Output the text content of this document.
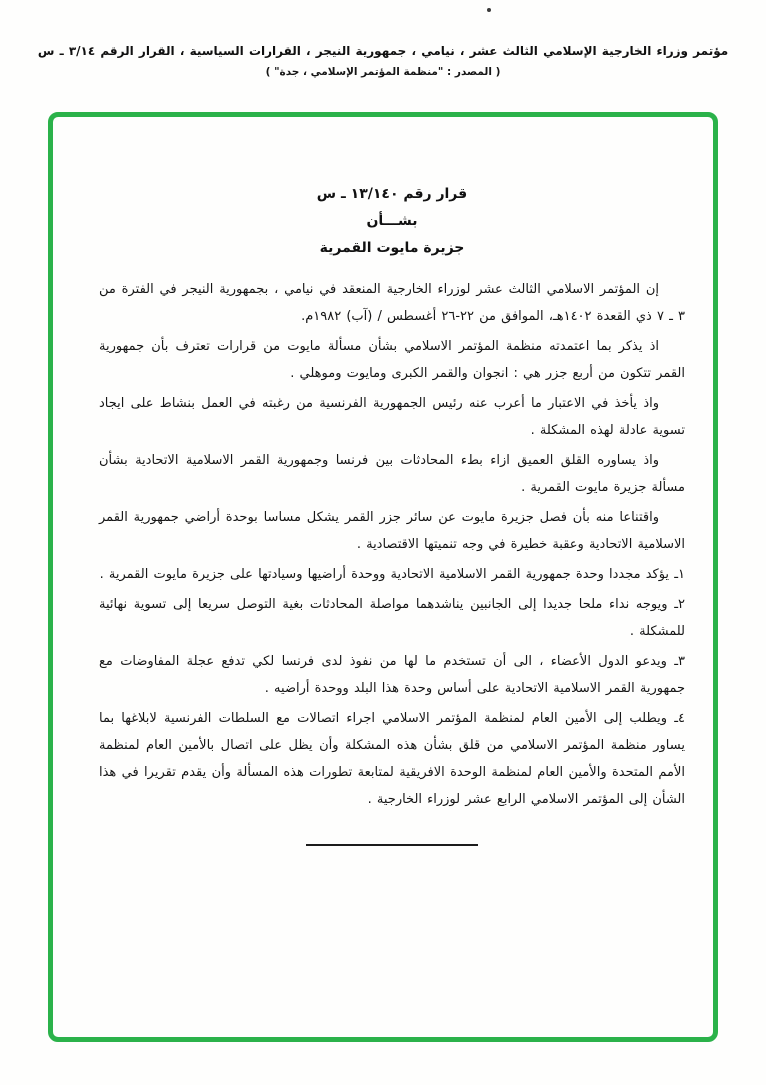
مؤتمر وزراء الخارجية الإسلامي الثالث عشر ، نيامي ، جمهورية النيجر ، القرارات السياسية ، القرار الرقم ٣/١٤ ـ س

( المصدر : "منظمة المؤتمر الإسلامي ، جدة" )

قرار رقم ١٣/١٤٠ ـ س
بشـــأن
جزيرة مايوت القمرية

إن المؤتمر الاسلامي الثالث عشر لوزراء الخارجية المنعقد في نيامي ، بجمهورية النيجر في الفترة من ٣ ـ ٧ ذي القعدة ١٤٠٢هـ، الموافق من ٢٢-٢٦ أغسطس / (آب) ١٩٨٢م.

اذ يذكر بما اعتمدته منظمة المؤتمر الاسلامي بشأن مسألة مايوت من قرارات تعترف بأن جمهورية القمر تتكون من أربع جزر هي : انجوان والقمر الكبرى ومايوت وموهلي .

واذ يأخذ في الاعتبار ما أعرب عنه رئيس الجمهورية الفرنسية من رغبته في العمل بنشاط على ايجاد تسوية عادلة لهذه المشكلة .

واذ يساوره القلق العميق ازاء بطء المحادثات بين فرنسا وجمهورية القمر الاسلامية الاتحادية بشأن مسألة جزيرة مايوت القمرية .

واقتناعا منه بأن فصل جزيرة مايوت عن سائر جزر القمر يشكل مساسا بوحدة أراضي جمهورية القمر الاسلامية الاتحادية وعقبة خطيرة في وجه تنميتها الاقتصادية .

١ـ يؤكد مجددا وحدة جمهورية القمر الاسلامية الاتحادية ووحدة أراضيها وسيادتها على جزيرة مايوت القمرية .

٢ـ ويوجه نداء ملحا جديدا إلى الجانبين يناشدهما مواصلة المحادثات بغية التوصل سريعا إلى تسوية نهائية للمشكلة .

٣ـ ويدعو الدول الأعضاء ، الى أن تستخدم ما لها من نفوذ لدى فرنسا لكي تدفع عجلة المفاوضات مع جمهورية القمر الاسلامية الاتحادية على أساس وحدة هذا البلد ووحدة أراضيه .

٤ـ ويطلب إلى الأمين العام لمنظمة المؤتمر الاسلامي اجراء اتصالات مع السلطات الفرنسية لابلاغها بما يساور منظمة المؤتمر الاسلامي من قلق بشأن هذه المشكلة وأن يظل على اتصال بالأمين العام لمنظمة الأمم المتحدة والأمين العام لمنظمة الوحدة الافريقية لمتابعة تطورات هذه المسألة وأن يقدم تقريرا في هذا الشأن إلى المؤتمر الاسلامي الرابع عشر لوزراء الخارجية .
